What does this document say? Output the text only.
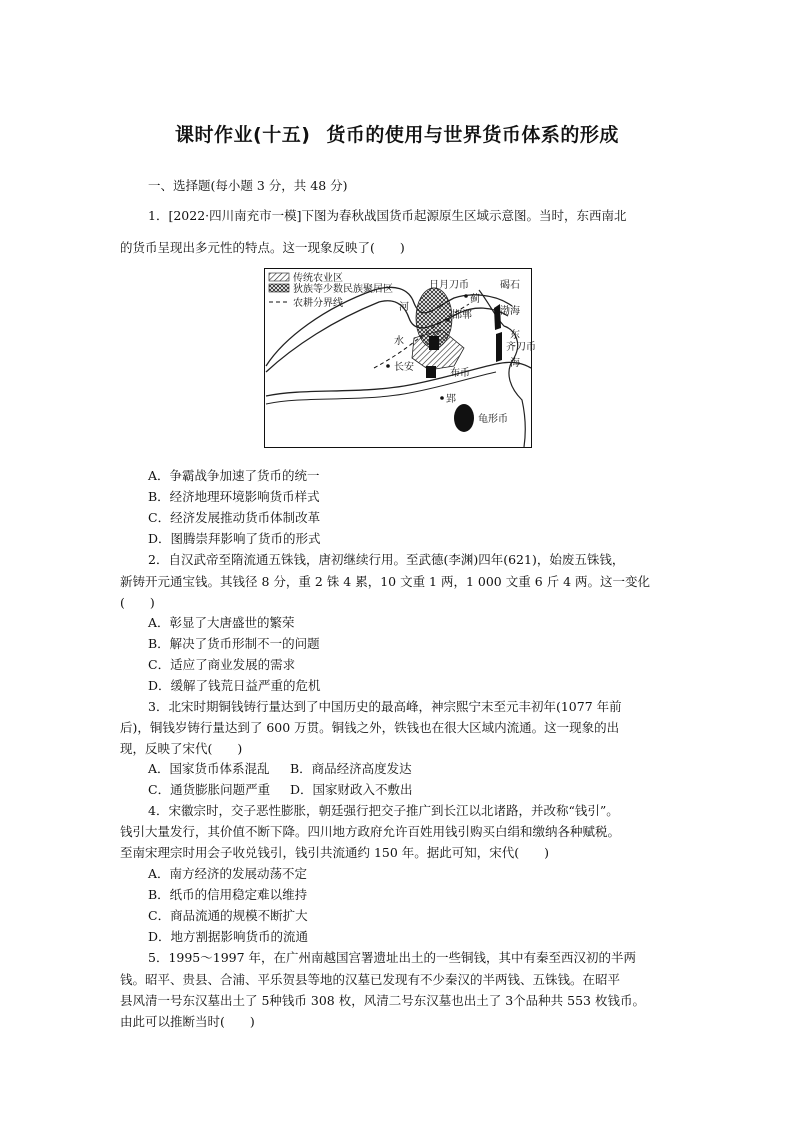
课时作业(十五) 货币的使用与世界货币体系的形成
一、选择题(每小题 3 分，共 48 分)
1．[2022·四川南充市一模]下图为春秋战国货币起源原生区域示意图。当时，东西南北
的货币呈现出多元性的特点。这一现象反映了(　　)
传统农业区
狄族等少数民族聚居区
农耕分界线
日月刀币	碣石
河
蓟
邯郸	渤海
东
齐刀币
海
水
长安
布币
郢
龟形币
A．争霸战争加速了货币的统一
B．经济地理环境影响货币样式
C．经济发展推动货币体制改革
D．图腾崇拜影响了货币的形式
2．自汉武帝至隋流通五铢钱，唐初继续行用。至武德(李渊)四年(621)，始废五铢钱，
新铸开元通宝钱。其钱径 8 分，重 2 铢 4 累，10 文重 1 两，1 000 文重 6 斤 4 两。这一变化
(　　)
A．彰显了大唐盛世的繁荣
B．解决了货币形制不一的问题
C．适应了商业发展的需求
D．缓解了钱荒日益严重的危机
3．北宋时期铜钱铸行量达到了中国历史的最高峰，神宗熙宁末至元丰初年(1077 年前
后)，铜钱岁铸行量达到了 600 万贯。铜钱之外，铁钱也在很大区域内流通。这一现象的出
现，反映了宋代(　　)
A．国家货币体系混乱 B．商品经济高度发达
C．通货膨胀问题严重 D．国家财政入不敷出
4．宋徽宗时，交子恶性膨胀，朝廷强行把交子推广到长江以北诸路，并改称“钱引”。
钱引大量发行，其价值不断下降。四川地方政府允许百姓用钱引购买白绢和缴纳各种赋税。
至南宋理宗时用会子收兑钱引，钱引共流通约 150 年。据此可知，宋代(　　)
A．南方经济的发展动荡不定
B．纸币的信用稳定难以维持
C．商品流通的规模不断扩大
D．地方割据影响货币的流通
5．1995～1997 年，在广州南越国宫署遗址出土的一些铜钱，其中有秦至西汉初的半两
钱。昭平、贵县、合浦、平乐贺县等地的汉墓已发现有不少秦汉的半两钱、五铢钱。在昭平
县风清一号东汉墓出土了 5种钱币 308 枚，风清二号东汉墓也出土了 3个品种共 553 枚钱币。
由此可以推断当时(　　)
